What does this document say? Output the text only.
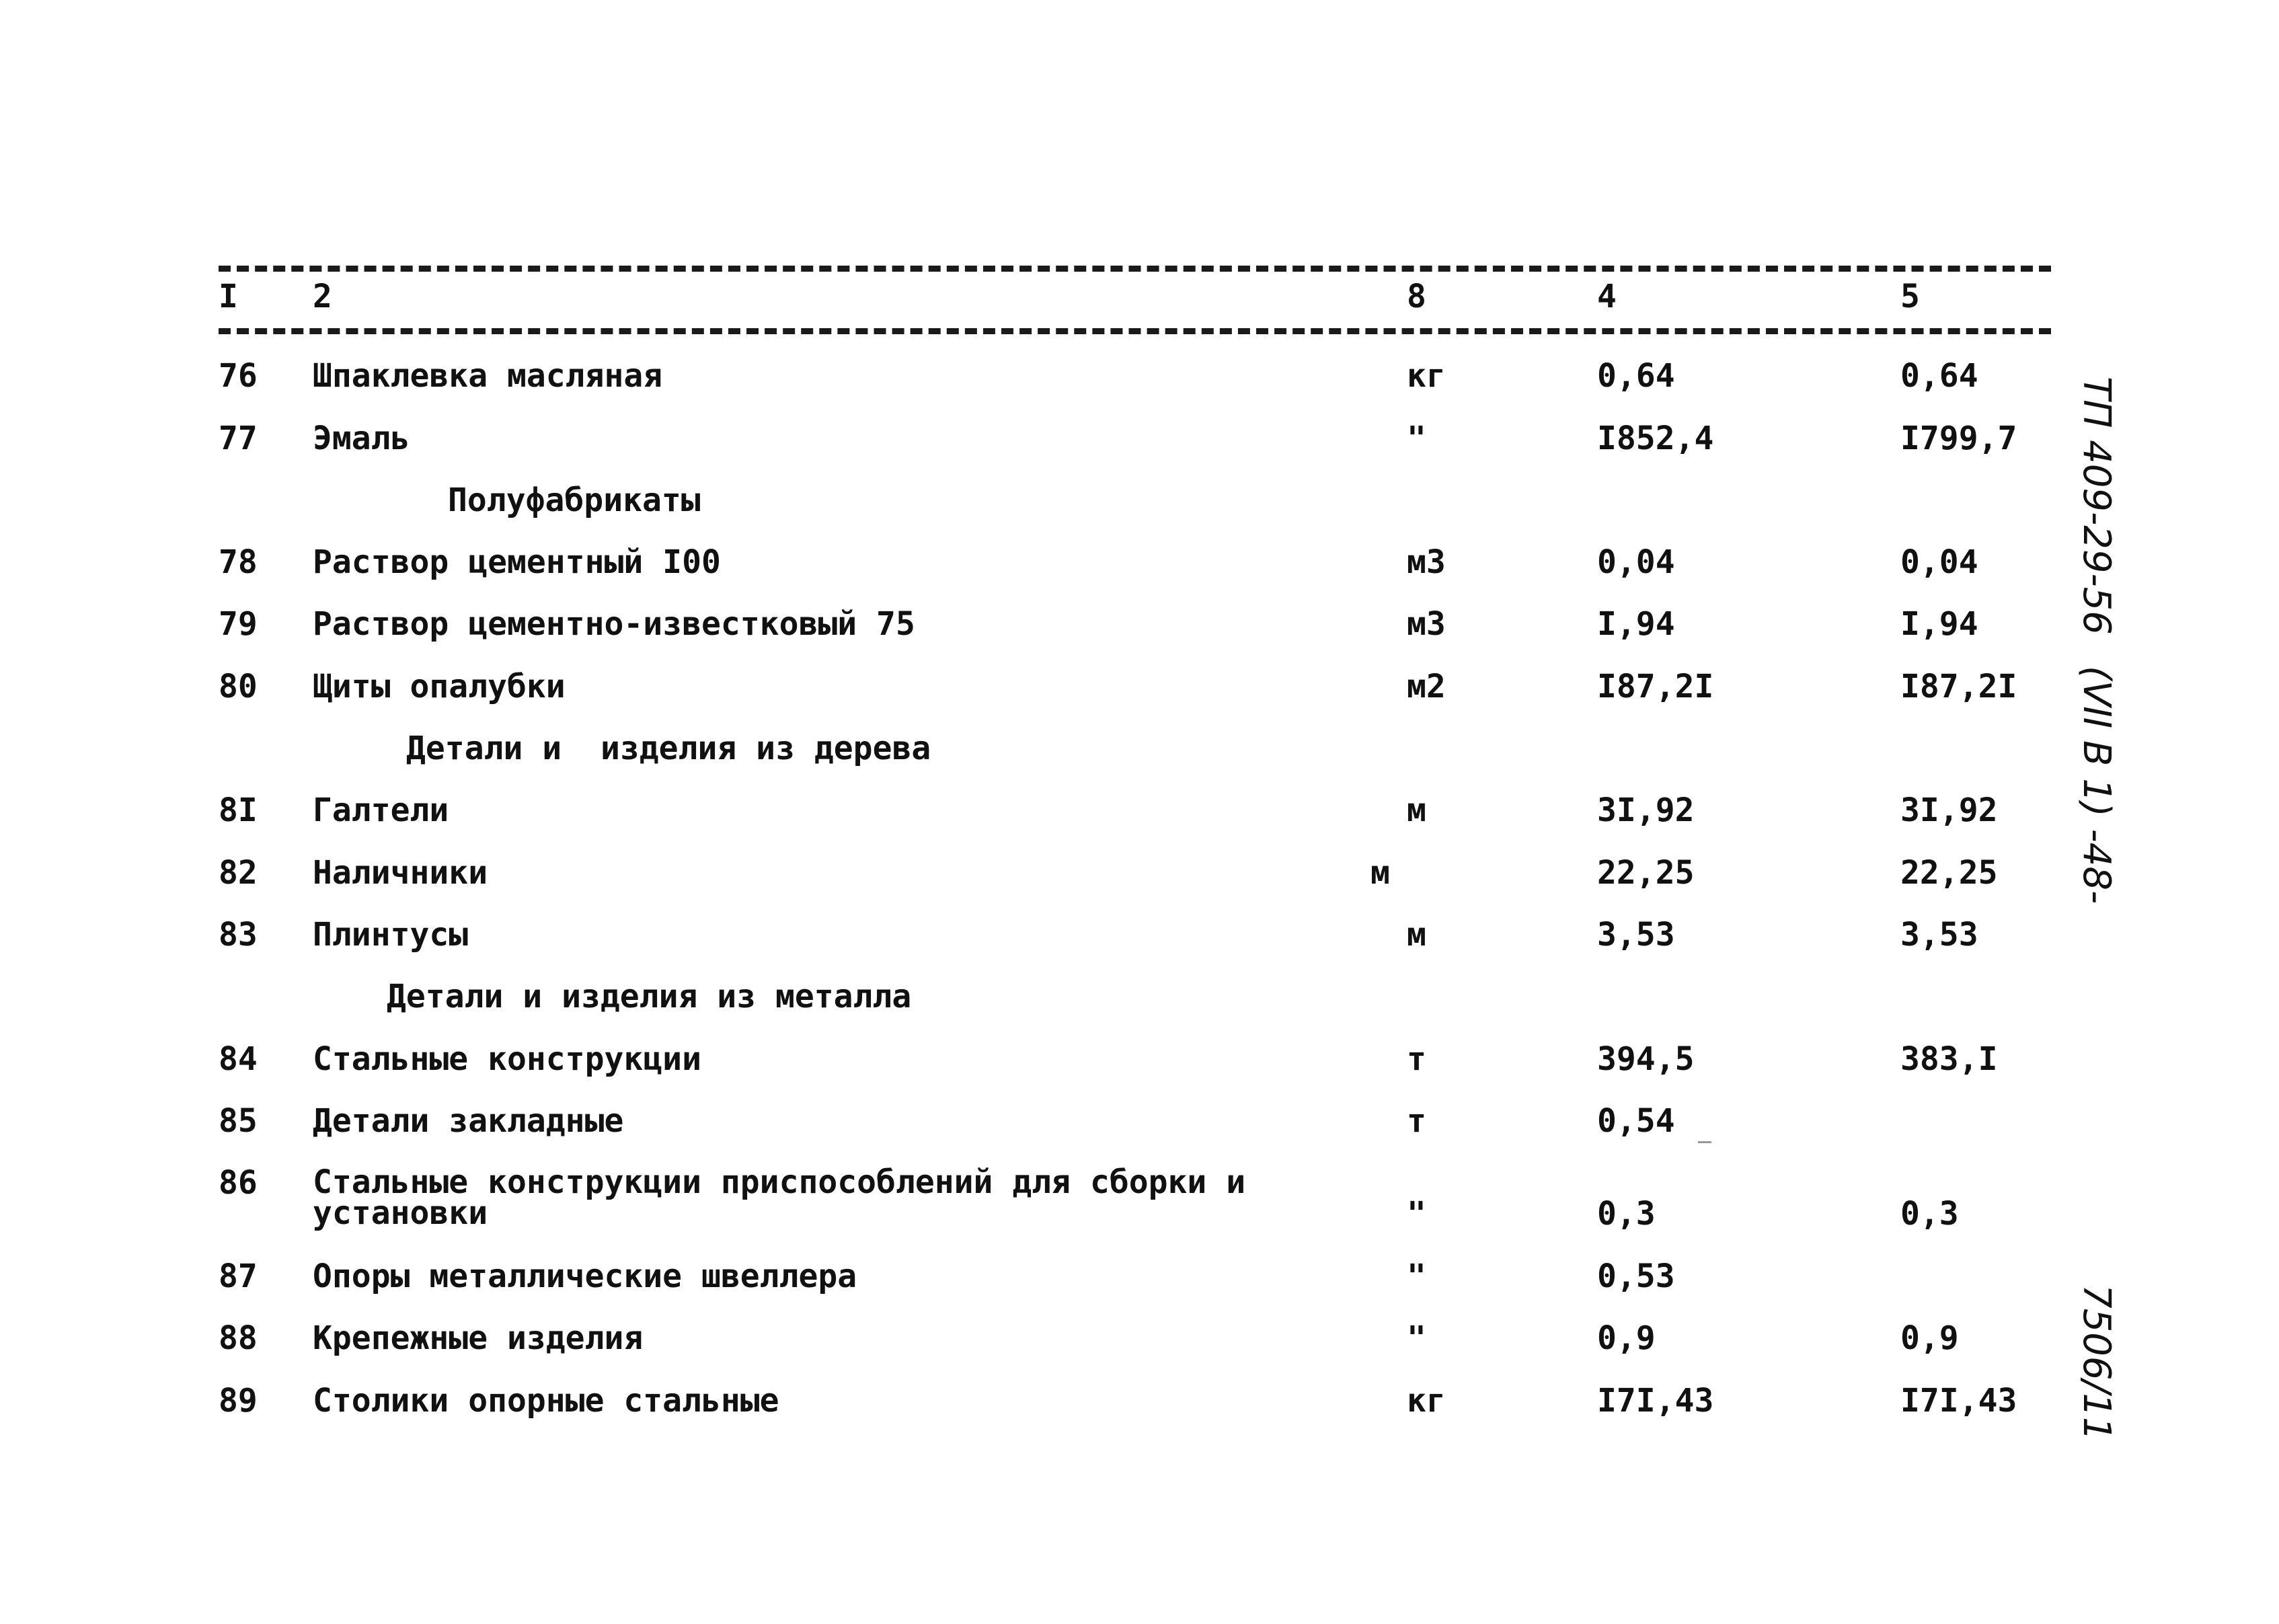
I 2	8	4	5
76 Шпаклевка масляная	кг	0,64	0,64
77 Эмаль	"	I852,4	I799,7
Полуфабрикаты
78 Раствор цементный I00	м3	0,04	0,04
79 Раствор цементно-известковый 75	м3	I,94	I,94
80 Щиты опалубки	м2	I87,2I	I87,2I
Детали и  изделия из дерева
8I Галтели	м	3I,92	3I,92
82 Наличники	м	22,25	22,25
83 Плинтусы	м	3,53	3,53
Детали и изделия из металла
84 Стальные конструкции	т	394,5	383,I
85 Детали закладные	т	0,54
86 Стальные конструкции приспособлений для сборки и
установки	"	0,3	0,3
87 Опоры металлические швеллера	"	0,53
88 Крепежные изделия	"	0,9	0,9
89 Столики опорные стальные	кг	I7I,43	I7I,43
ТП 409-29-56
(VII В 1) -48-
7506/11
